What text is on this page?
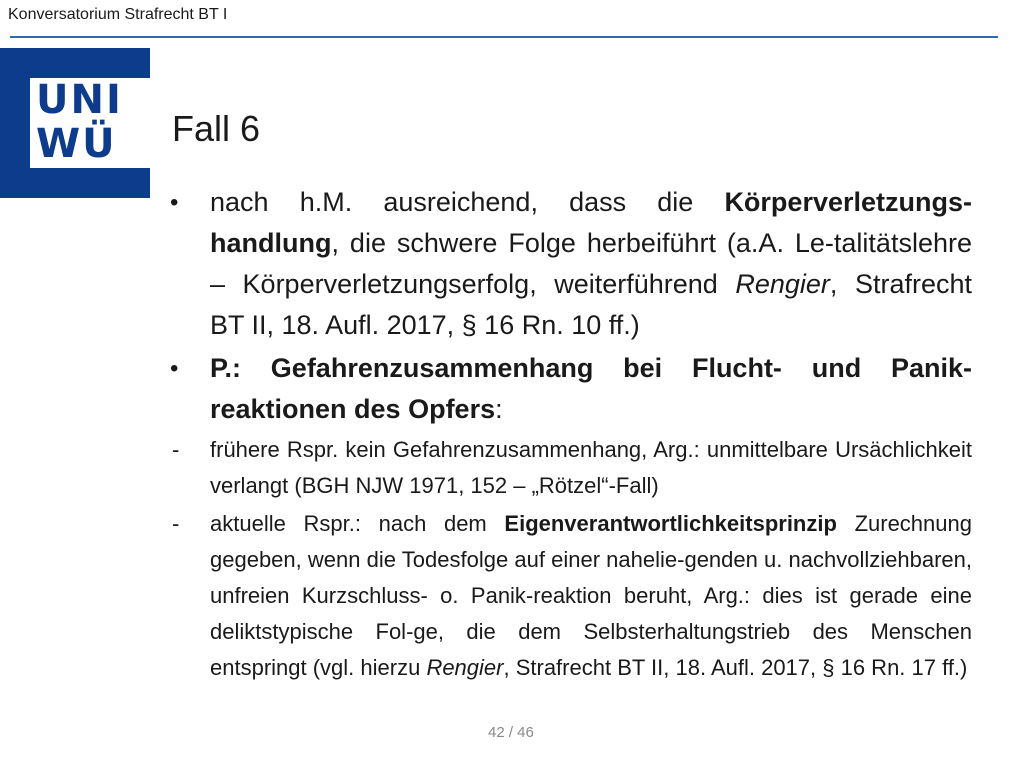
Konversatorium Strafrecht BT I
UNI
WÜ	Fall 6
• nach h.M. ausreichend, dass die Körperverletzungs-handlung, die schwere Folge herbeiführt (a.A. Le-talitätslehre – Körperverletzungserfolg, weiterführend Rengier, Strafrecht BT II, 18. Aufl. 2017, § 16 Rn. 10 ff.)
• P.: Gefahrenzusammenhang bei Flucht- und Panik-reaktionen des Opfers:
- frühere Rspr. kein Gefahrenzusammenhang, Arg.: unmittelbare Ursächlichkeit verlangt (BGH NJW 1971, 152 – „Rötzel“-Fall)
- aktuelle Rspr.: nach dem Eigenverantwortlichkeitsprinzip Zurechnung gegeben, wenn die Todesfolge auf einer nahelie-genden u. nachvollziehbaren, unfreien Kurzschluss- o. Panik-reaktion beruht, Arg.: dies ist gerade eine deliktstypische Fol-ge, die dem Selbsterhaltungstrieb des Menschen entspringt (vgl. hierzu Rengier, Strafrecht BT II, 18. Aufl. 2017, § 16 Rn. 17 ff.)
42 / 46
